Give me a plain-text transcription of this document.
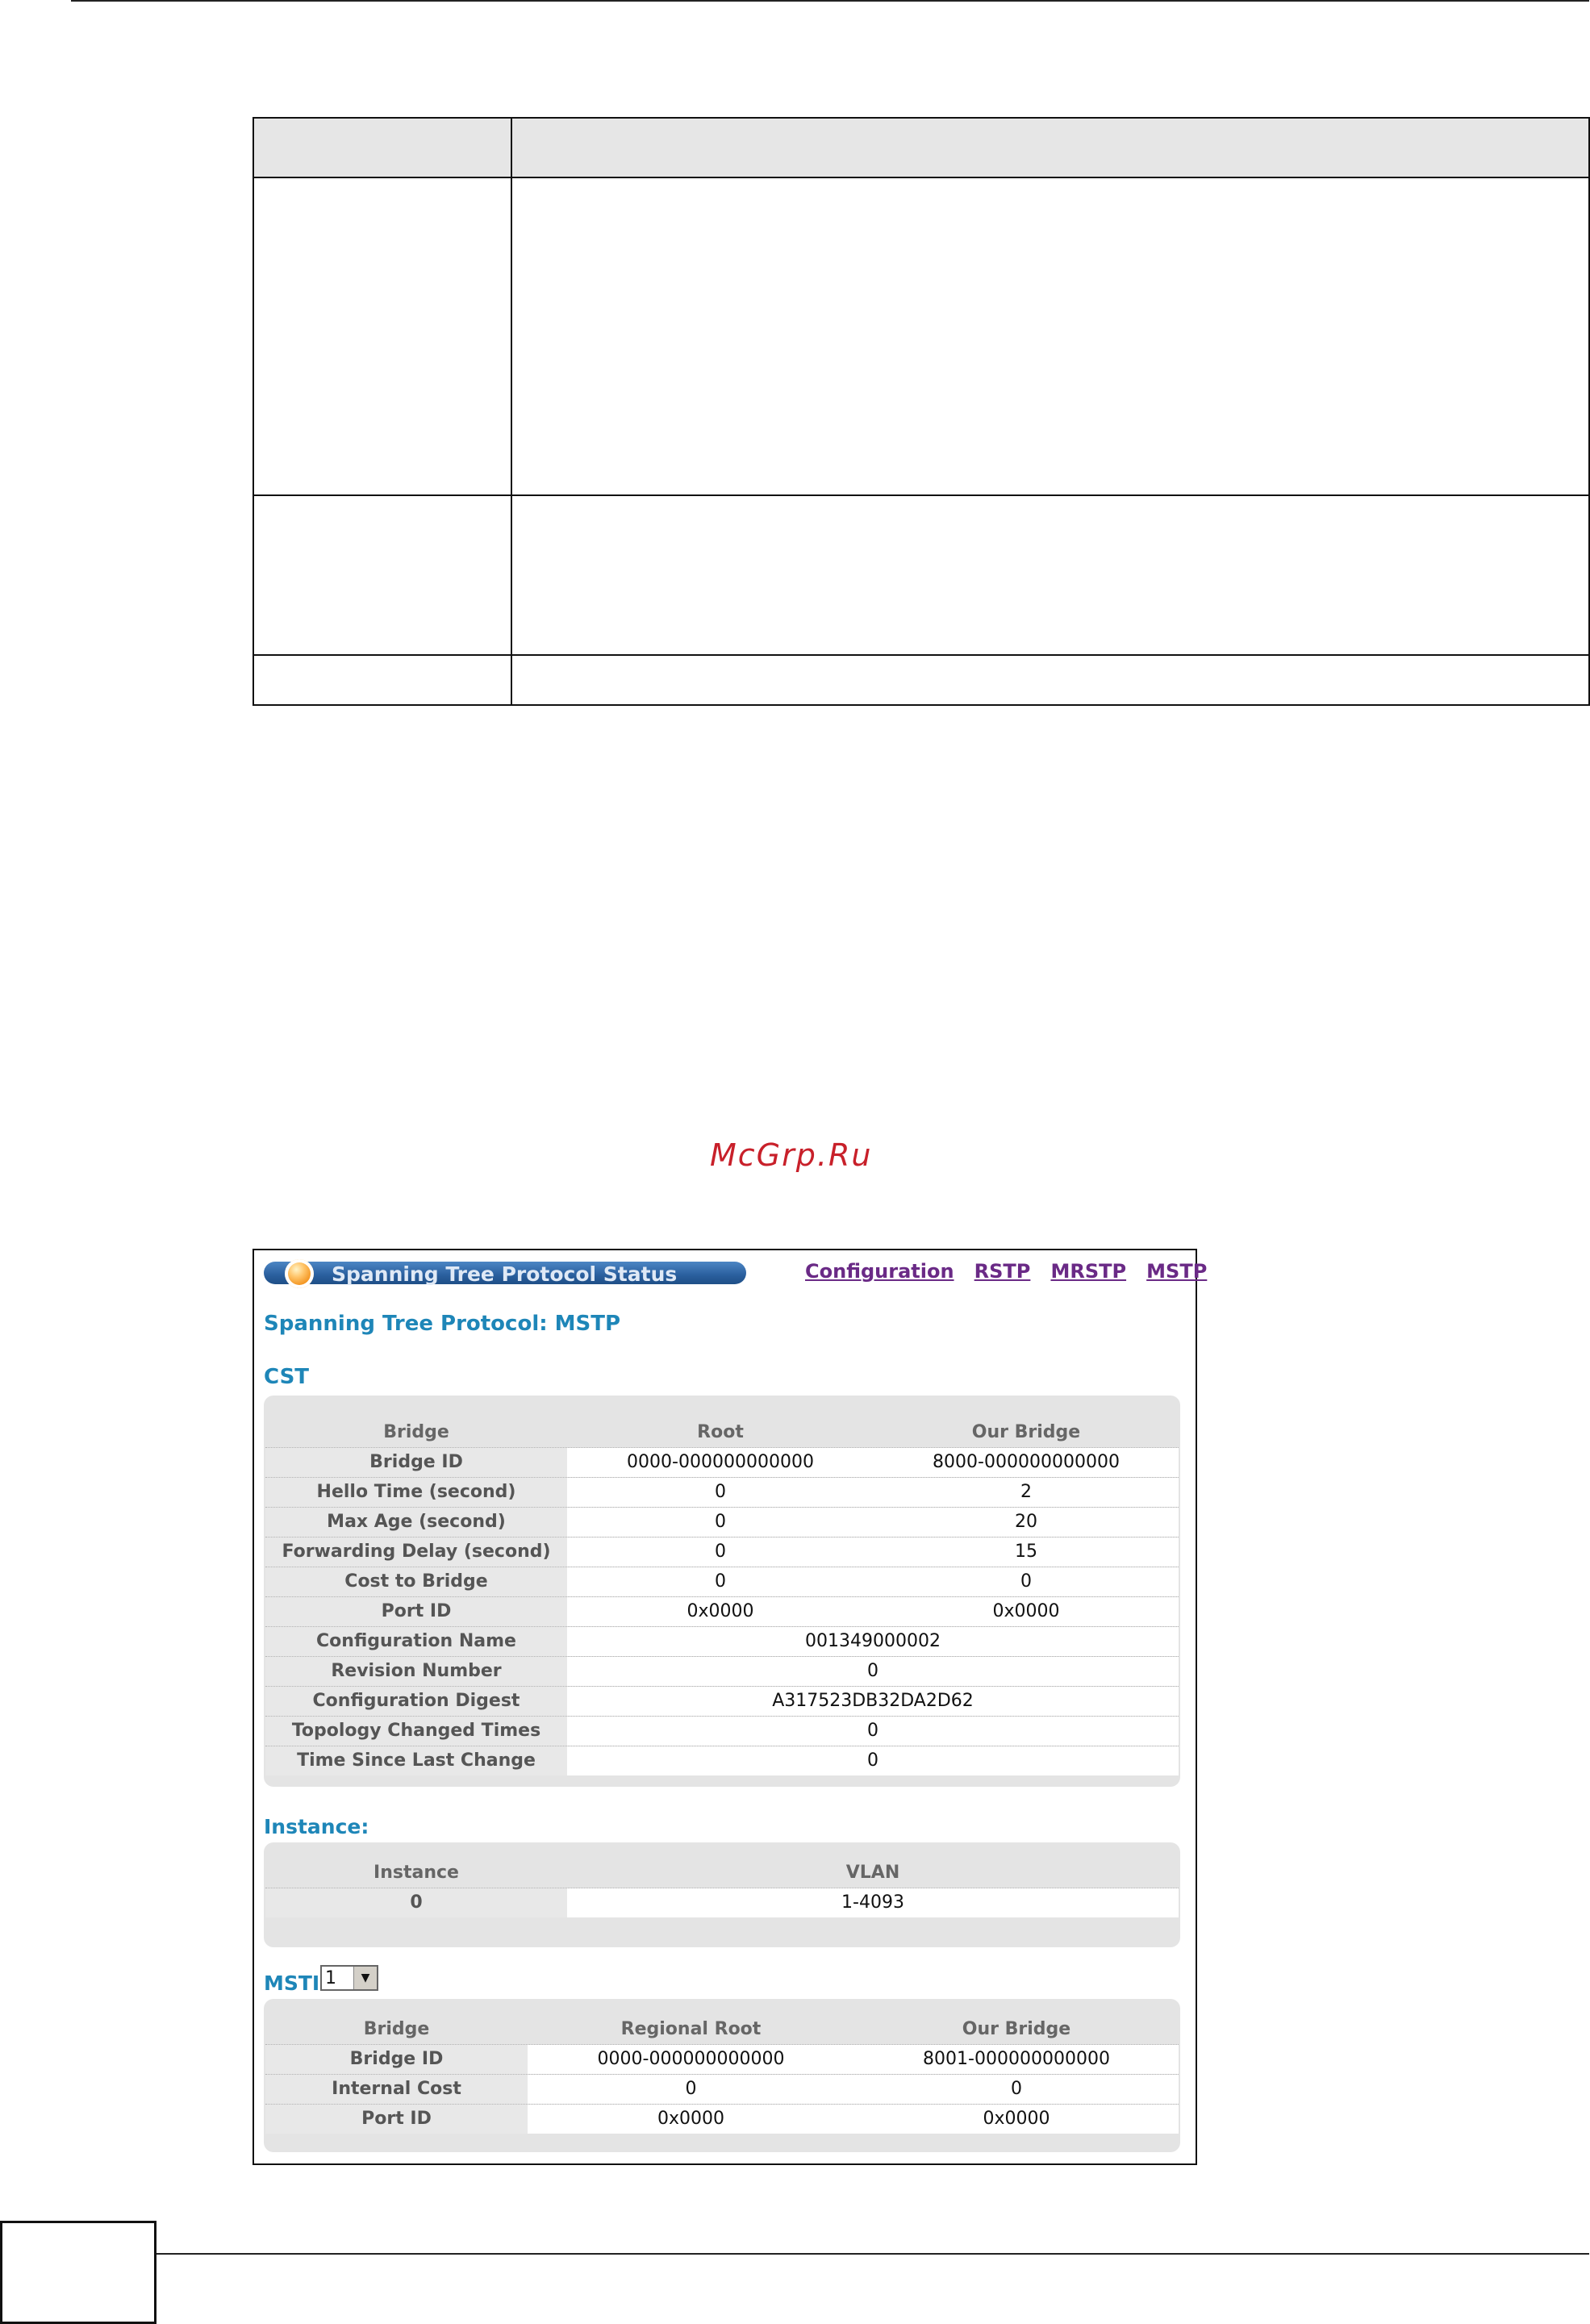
McGrp.Ru
Spanning Tree Protocol Status	Configuration RSTP MRSTP MSTP
Spanning Tree Protocol: MSTP
CST
Bridge	Root	Our Bridge
Bridge ID	0000-000000000000	8000-000000000000
Hello Time (second)	0	2
Max Age (second)	0	20
Forwarding Delay (second)	0	15
Cost to Bridge	0	0
Port ID	0x0000	0x0000
Configuration Name	001349000002
Revision Number	0
Configuration Digest	A317523DB32DA2D62
Topology Changed Times	0
Time Since Last Change	0
Instance:
Instance	VLAN
0	1-4093
MSTI 1	▼
Bridge	Regional Root	Our Bridge
Bridge ID	0000-000000000000	8001-000000000000
Internal Cost	0	0
Port ID	0x0000	0x0000
